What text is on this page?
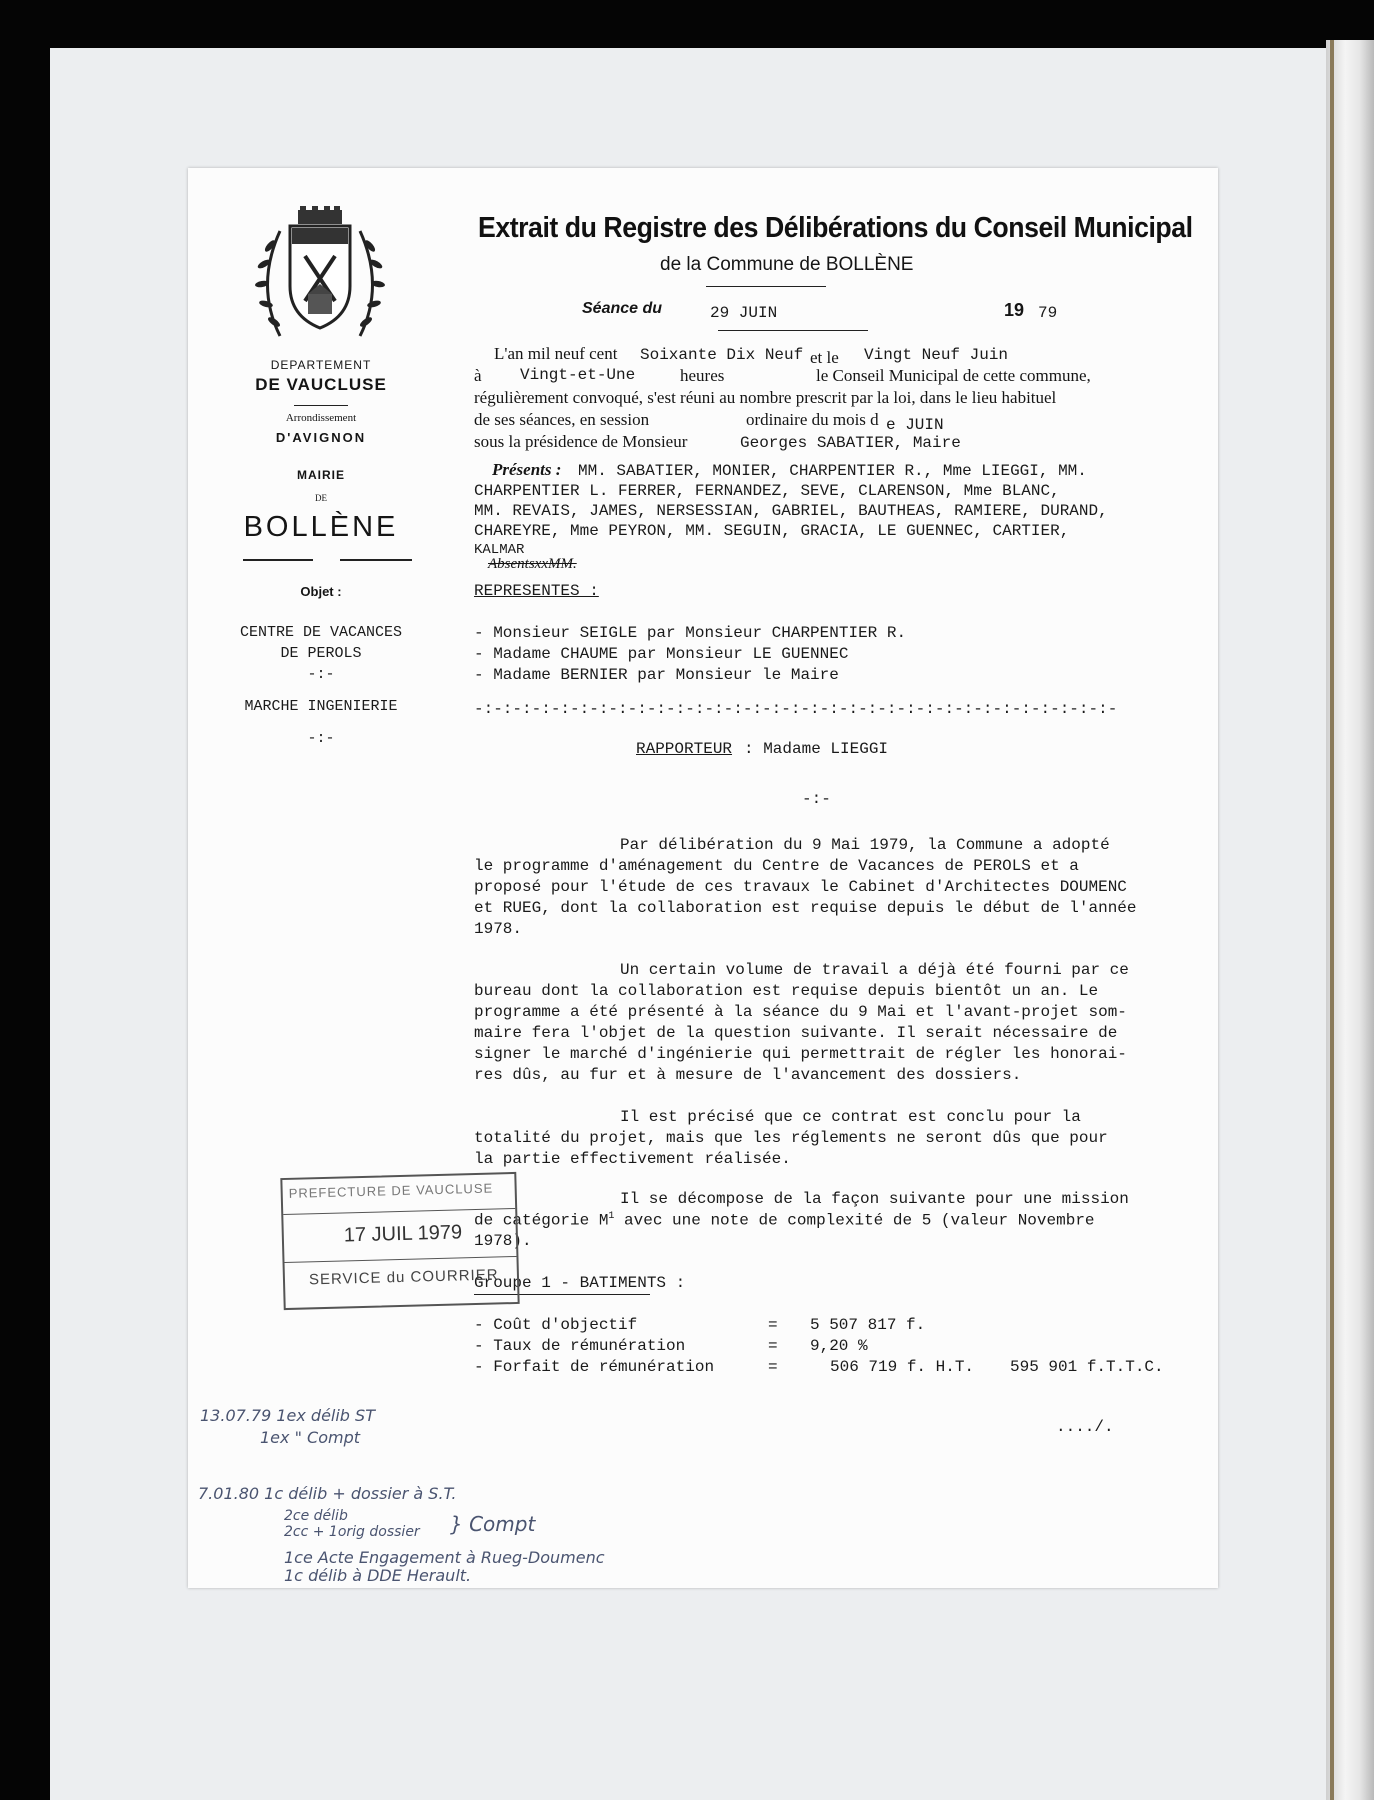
DEPARTEMENT
DE VAUCLUSE
Arrondissement
D'AVIGNON
MAIRIE
DE
BOLLÈNE
Objet :
CENTRE DE VACANCES
DE PEROLS
-:-
MARCHE INGENIERIE
-:-
Extrait du Registre des Délibérations du Conseil Municipal
de la Commune de BOLLÈNE
Séance du	29 JUIN	19 79
L'an mil neuf cent Soixante Dix Neuf et le Vingt Neuf Juin
à Vingt-et-Une	heures	le Conseil Municipal de cette commune,
régulièrement convoqué, s'est réuni au nombre prescrit par la loi, dans le lieu habituel
de ses séances, en session	ordinaire du mois d e JUIN
sous la présidence de Monsieur	Georges SABATIER, Maire
Présents : MM. SABATIER, MONIER, CHARPENTIER R., Mme LIEGGI, MM.
CHARPENTIER L. FERRER, FERNANDEZ, SEVE, CLARENSON, Mme BLANC,
MM. REVAIS, JAMES, NERSESSIAN, GABRIEL, BAUTHEAS, RAMIERE, DURAND,
CHAREYRE, Mme PEYRON, MM. SEGUIN, GRACIA, LE GUENNEC, CARTIER,
KALMAR
AbsentsxxMM.
REPRESENTES :
- Monsieur SEIGLE par Monsieur CHARPENTIER R.
- Madame CHAUME par Monsieur LE GUENNEC
- Madame BERNIER par Monsieur le Maire
-:-:-:-:-:-:-:-:-:-:-:-:-:-:-:-:-:-:-:-:-:-:-:-:-:-:-:-:-:-:-:-:-:-
RAPPORTEUR : Madame LIEGGI
-:-
Par délibération du 9 Mai 1979, la Commune a adopté
le programme d'aménagement du Centre de Vacances de PEROLS et a
proposé pour l'étude de ces travaux le Cabinet d'Architectes DOUMENC
et RUEG, dont la collaboration est requise depuis le début de l'année
1978.
Un certain volume de travail a déjà été fourni par ce
bureau dont la collaboration est requise depuis bientôt un an. Le
programme a été présenté à la séance du 9 Mai et l'avant-projet som-
maire fera l'objet de la question suivante. Il serait nécessaire de
signer le marché d'ingénierie qui permettrait de régler les honorai-
res dûs, au fur et à mesure de l'avancement des dossiers.
Il est précisé que ce contrat est conclu pour la
totalité du projet, mais que les réglements ne seront dûs que pour
la partie effectivement réalisée.
Il se décompose de la façon suivante pour une mission
de catégorie $M^1$ avec une note de complexité de 5 (valeur Novembre
1978).
Groupe 1 - BATIMENTS :
- Coût d'objectif	= 5 507 817 f.
- Taux de rémunération	= 9,20 %
- Forfait de rémunération	=	506 719 f. H.T. 595 901 f.T.T.C.
..../.
13.07.79 1ex délib ST
1ex " Compt
7.01.80 1c délib + dossier à S.T.
2ce délib
2cc + 1orig dossier } Compt
1ce Acte Engagement à Rueg-Doumenc
1c délib à DDE Herault.
PREFECTURE DE VAUCLUSE
17 JUIL 1979
SERVICE du COURRIER
